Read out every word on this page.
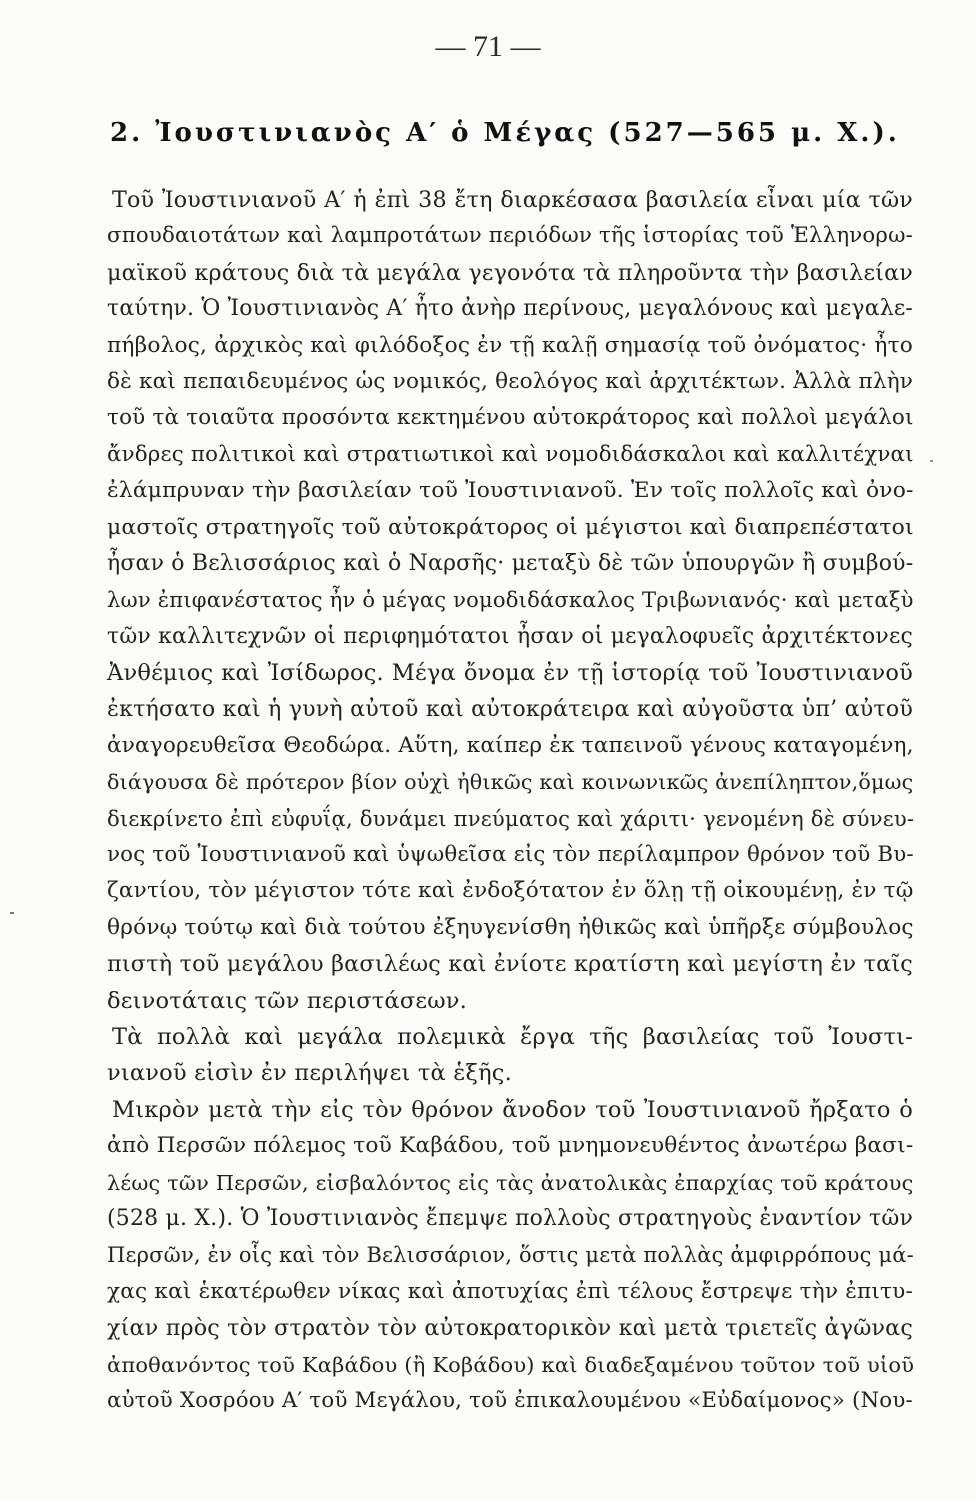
— 71 —
2. Ἰουστινιανὸς Α′ ὁ Μέγας (527—565 μ. Χ.).
Τοῦ Ἰουστινιανοῦ Α′ ἡ ἐπὶ 38 ἔτη διαρκέσασα βασιλεία εἶναι μία τῶν
σπουδαιοτάτων καὶ λαμπροτάτων περιόδων τῆς ἱστορίας τοῦ Ἑλληνορω-
μαϊκοῦ κράτους διὰ τὰ μεγάλα γεγονότα τὰ πληροῦντα τὴν βασιλείαν
ταύτην. Ὁ Ἰουστινιανὸς Α′ ἦτο ἀνὴρ περίνους, μεγαλόνους καὶ μεγαλε-
πήβολος, ἀρχικὸς καὶ φιλόδοξος ἐν τῇ καλῇ σημασίᾳ τοῦ ὀνόματος· ἦτο
δὲ καὶ πεπαιδευμένος ὡς νομικός, θεολόγος καὶ ἀρχιτέκτων. Ἀλλὰ πλὴν
τοῦ τὰ τοιαῦτα προσόντα κεκτημένου αὐτοκράτορος καὶ πολλοὶ μεγάλοι
ἄνδρες πολιτικοὶ καὶ στρατιωτικοὶ καὶ νομοδιδάσκαλοι καὶ καλλιτέχναι
ἐλάμπρυναν τὴν βασιλείαν τοῦ Ἰουστινιανοῦ. Ἐν τοῖς πολλοῖς καὶ ὀνο-
μαστοῖς στρατηγοῖς τοῦ αὐτοκράτορος οἱ μέγιστοι καὶ διαπρεπέστατοι
ἦσαν ὁ Βελισσάριος καὶ ὁ Ναρσῆς· μεταξὺ δὲ τῶν ὑπουργῶν ἢ συμβού-
λων ἐπιφανέστατος ἦν ὁ μέγας νομοδιδάσκαλος Τριβωνιανός· καὶ μεταξὺ
τῶν καλλιτεχνῶν οἱ περιφημότατοι ἦσαν οἱ μεγαλοφυεῖς ἀρχιτέκτονες
Ἀνθέμιος καὶ Ἰσίδωρος. Μέγα ὄνομα ἐν τῇ ἱστορίᾳ τοῦ Ἰουστινιανοῦ
ἐκτήσατο καὶ ἡ γυνὴ αὐτοῦ καὶ αὐτοκράτειρα καὶ αὐγοῦστα ὑπ’ αὐτοῦ
ἀναγορευθεῖσα Θεοδώρα. Αὕτη, καίπερ ἐκ ταπεινοῦ γένους καταγομένη,
διάγουσα δὲ πρότερον βίον οὐχὶ ἠθικῶς καὶ κοινωνικῶς ἀνεπίληπτον,ὅμως
διεκρίνετο ἐπὶ εὐφυΐᾳ, δυνάμει πνεύματος καὶ χάριτι· γενομένη δὲ σύνευ-
νος τοῦ Ἰουστινιανοῦ καὶ ὑψωθεῖσα εἰς τὸν περίλαμπρον θρόνον τοῦ Βυ-
ζαντίου, τὸν μέγιστον τότε καὶ ἐνδοξότατον ἐν ὅλῃ τῇ οἰκουμένῃ, ἐν τῷ
θρόνῳ τούτῳ καὶ διὰ τούτου ἐξηυγενίσθη ἠθικῶς καὶ ὑπῆρξε σύμβουλος
πιστὴ τοῦ μεγάλου βασιλέως καὶ ἐνίοτε κρατίστη καὶ μεγίστη ἐν ταῖς
δεινοτάταις τῶν περιστάσεων.
Τὰ πολλὰ καὶ μεγάλα πολεμικὰ ἔργα τῆς βασιλείας τοῦ Ἰουστι-
νιανοῦ εἰσὶν ἐν περιλήψει τὰ ἑξῆς.
Μικρὸν μετὰ τὴν εἰς τὸν θρόνον ἄνοδον τοῦ Ἰουστινιανοῦ ἤρξατο ὁ
ἀπὸ Περσῶν πόλεμος τοῦ Καβάδου, τοῦ μνημονευθέντος ἀνωτέρω βασι-
λέως τῶν Περσῶν, εἰσβαλόντος εἰς τὰς ἀνατολικὰς ἐπαρχίας τοῦ κράτους
(528 μ. Χ.). Ὁ Ἰουστινιανὸς ἔπεμψε πολλοὺς στρατηγοὺς ἐναντίον τῶν
Περσῶν, ἐν οἷς καὶ τὸν Βελισσάριον, ὅστις μετὰ πολλὰς ἀμφιρρόπους μά-
χας καὶ ἑκατέρωθεν νίκας καὶ ἀποτυχίας ἐπὶ τέλους ἔστρεψε τὴν ἐπιτυ-
χίαν πρὸς τὸν στρατὸν τὸν αὐτοκρατορικὸν καὶ μετὰ τριετεῖς ἀγῶνας
ἀποθανόντος τοῦ Καβάδου (ἢ Κοβάδου) καὶ διαδεξαμένου τοῦτον τοῦ υἱοῦ
αὐτοῦ Χοσρόου Α′ τοῦ Μεγάλου, τοῦ ἐπικαλουμένου «Εὐδαίμονος» (Νου-
